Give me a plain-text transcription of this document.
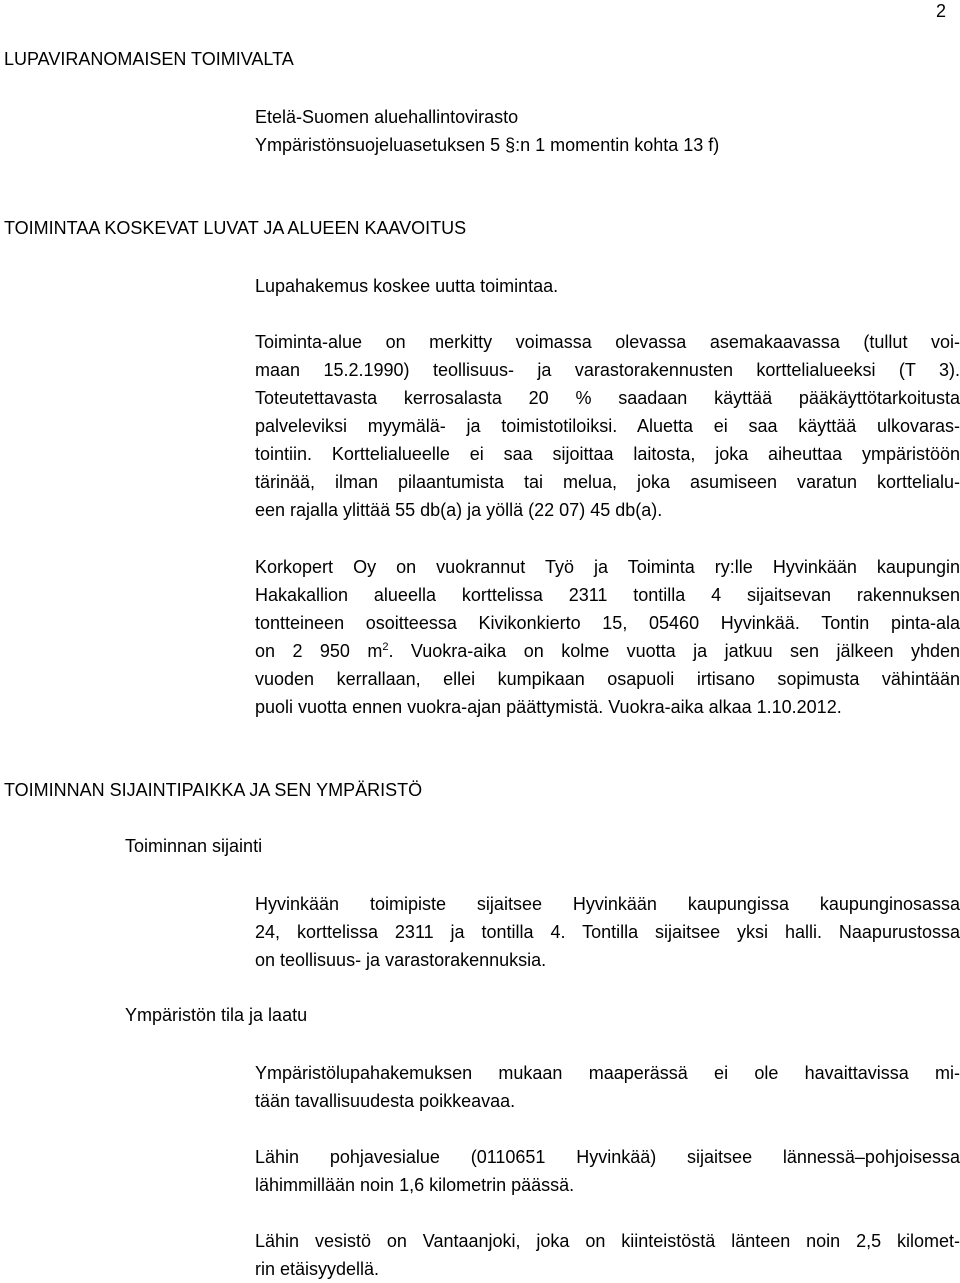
2
LUPAVIRANOMAISEN TOIMIVALTA
Etelä-Suomen aluehallintovirasto
Ympäristönsuojeluasetuksen 5 §:n 1 momentin kohta 13 f)
TOIMINTAA KOSKEVAT LUVAT JA ALUEEN KAAVOITUS
Lupahakemus koskee uutta toimintaa.
Toiminta-alue on merkitty voimassa olevassa asemakaavassa (tullut voi-
maan 15.2.1990) teollisuus- ja varastorakennusten korttelialueeksi (T 3).
Toteutettavasta kerrosalasta 20 % saadaan käyttää pääkäyttötarkoitusta
palveleviksi myymälä- ja toimistotiloiksi. Aluetta ei saa käyttää ulkovaras-
tointiin. Korttelialueelle ei saa sijoittaa laitosta, joka aiheuttaa ympäristöön
tärinää, ilman pilaantumista tai melua, joka asumiseen varatun korttelialu-
een rajalla ylittää 55 db(a) ja yöllä (22 07) 45 db(a).
Korkopert Oy on vuokrannut Työ ja Toiminta ry:lle Hyvinkään kaupungin
Hakakallion alueella korttelissa 2311 tontilla 4 sijaitsevan rakennuksen
tontteineen osoitteessa Kivikonkierto 15, 05460 Hyvinkää. Tontin pinta-ala
on 2 950 $m^2$. Vuokra-aika on kolme vuotta ja jatkuu sen jälkeen yhden
vuoden kerrallaan, ellei kumpikaan osapuoli irtisano sopimusta vähintään
puoli vuotta ennen vuokra-ajan päättymistä. Vuokra-aika alkaa 1.10.2012.
TOIMINNAN SIJAINTIPAIKKA JA SEN YMPÄRISTÖ
Toiminnan sijainti
Hyvinkään toimipiste sijaitsee Hyvinkään kaupungissa kaupunginosassa
24, korttelissa 2311 ja tontilla 4. Tontilla sijaitsee yksi halli. Naapurustossa
on teollisuus- ja varastorakennuksia.
Ympäristön tila ja laatu
Ympäristölupahakemuksen mukaan maaperässä ei ole havaittavissa mi-
tään tavallisuudesta poikkeavaa.
Lähin pohjavesialue (0110651 Hyvinkää) sijaitsee lännessä–pohjoisessa
lähimmillään noin 1,6 kilometrin päässä.
Lähin vesistö on Vantaanjoki, joka on kiinteistöstä länteen noin 2,5 kilomet-
rin etäisyydellä.
